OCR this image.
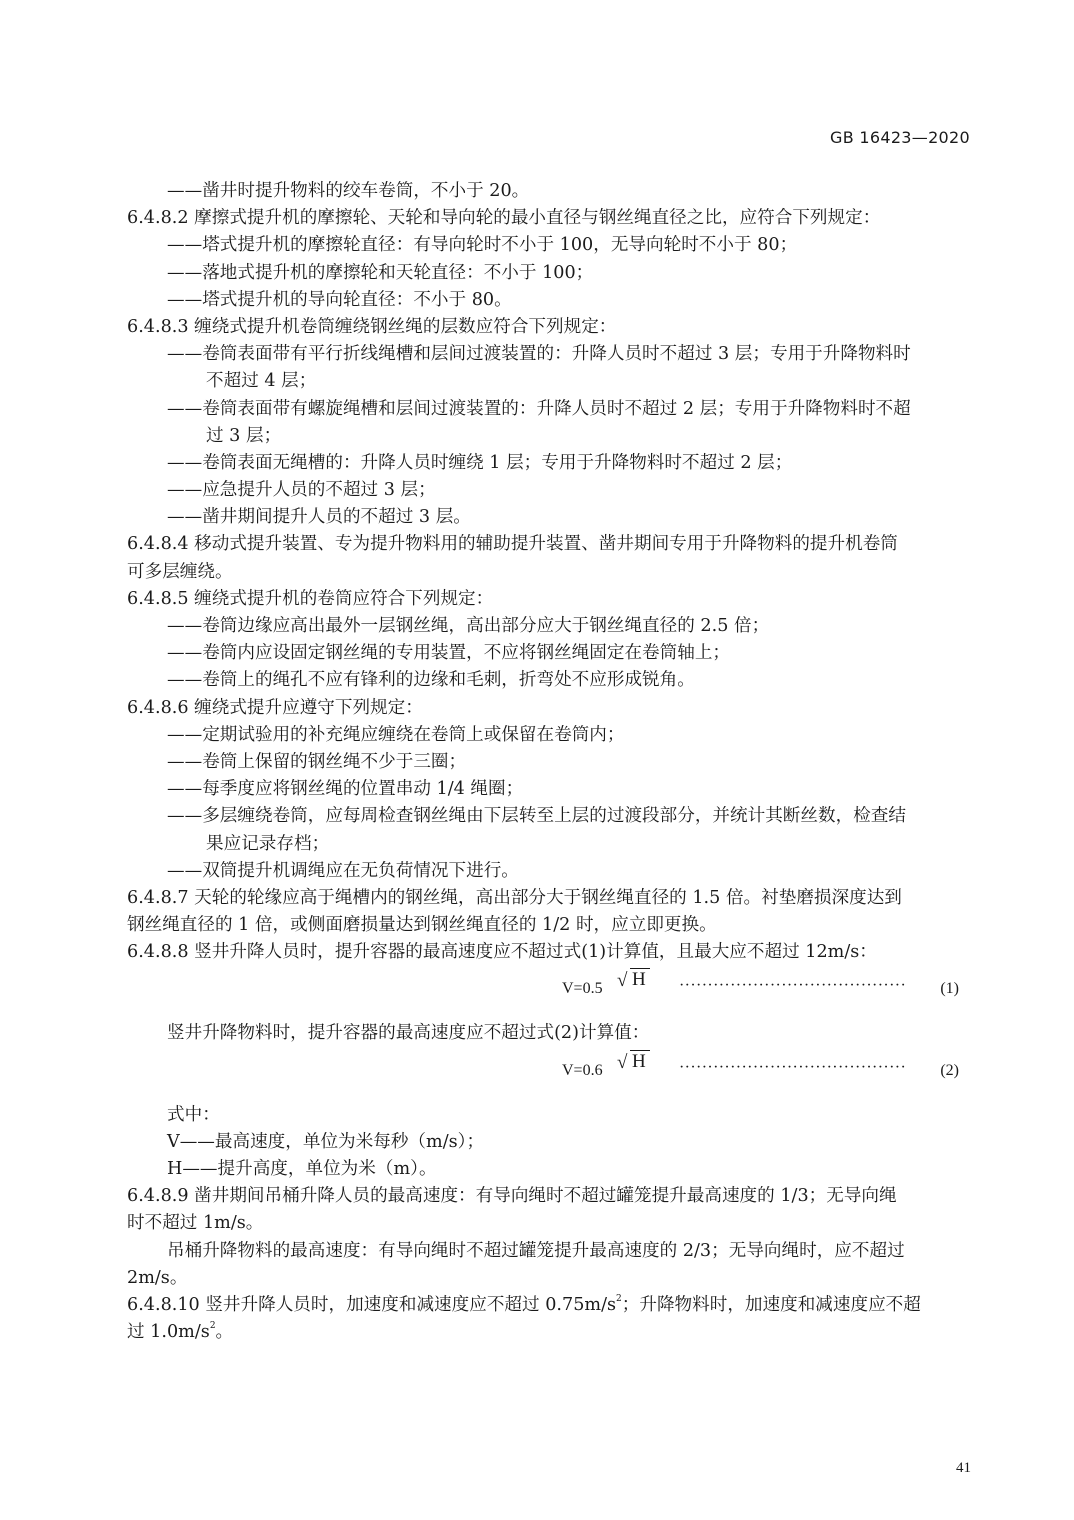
GB 16423—2020
——凿井时提升物料的绞车卷筒，不小于 20。
6.4.8.2 摩擦式提升机的摩擦轮、天轮和导向轮的最小直径与钢丝绳直径之比，应符合下列规定：
——塔式提升机的摩擦轮直径：有导向轮时不小于 100，无导向轮时不小于 80；
——落地式提升机的摩擦轮和天轮直径：不小于 100；
——塔式提升机的导向轮直径：不小于 80。
6.4.8.3 缠绕式提升机卷筒缠绕钢丝绳的层数应符合下列规定：
——卷筒表面带有平行折线绳槽和层间过渡装置的：升降人员时不超过 3 层；专用于升降物料时
不超过 4 层；
——卷筒表面带有螺旋绳槽和层间过渡装置的：升降人员时不超过 2 层；专用于升降物料时不超
过 3 层；
——卷筒表面无绳槽的：升降人员时缠绕 1 层；专用于升降物料时不超过 2 层；
——应急提升人员的不超过 3 层；
——凿井期间提升人员的不超过 3 层。
6.4.8.4 移动式提升装置、专为提升物料用的辅助提升装置、凿井期间专用于升降物料的提升机卷筒
可多层缠绕。
6.4.8.5 缠绕式提升机的卷筒应符合下列规定：
——卷筒边缘应高出最外一层钢丝绳，高出部分应大于钢丝绳直径的 2.5 倍；
——卷筒内应设固定钢丝绳的专用装置，不应将钢丝绳固定在卷筒轴上；
——卷筒上的绳孔不应有锋利的边缘和毛刺，折弯处不应形成锐角。
6.4.8.6 缠绕式提升应遵守下列规定：
——定期试验用的补充绳应缠绕在卷筒上或保留在卷筒内；
——卷筒上保留的钢丝绳不少于三圈；
——每季度应将钢丝绳的位置串动 1/4 绳圈；
——多层缠绕卷筒，应每周检查钢丝绳由下层转至上层的过渡段部分，并统计其断丝数，检查结
果应记录存档；
——双筒提升机调绳应在无负荷情况下进行。
6.4.8.7 天轮的轮缘应高于绳槽内的钢丝绳，高出部分大于钢丝绳直径的 1.5 倍。衬垫磨损深度达到
钢丝绳直径的 1 倍，或侧面磨损量达到钢丝绳直径的 1/2 时，应立即更换。
6.4.8.8 竖井升降人员时，提升容器的最高速度应不超过式(1)计算值，且最大应不超过 12m/s：
V=0.5 √ H ········································ (1)
竖井升降物料时，提升容器的最高速度应不超过式(2)计算值：
V=0.6 √ H ········································ (2)
式中：
V——最高速度，单位为米每秒（m/s）；
H——提升高度，单位为米（m）。
6.4.8.9 凿井期间吊桶升降人员的最高速度：有导向绳时不超过罐笼提升最高速度的 1/3；无导向绳
时不超过 1m/s。
吊桶升降物料的最高速度：有导向绳时不超过罐笼提升最高速度的 2/3；无导向绳时，应不超过
2m/s。
6.4.8.10 竖井升降人员时，加速度和减速度应不超过 $0.75m/s^2$；升降物料时，加速度和减速度应不超
过 $1.0m/s^2$。
41
